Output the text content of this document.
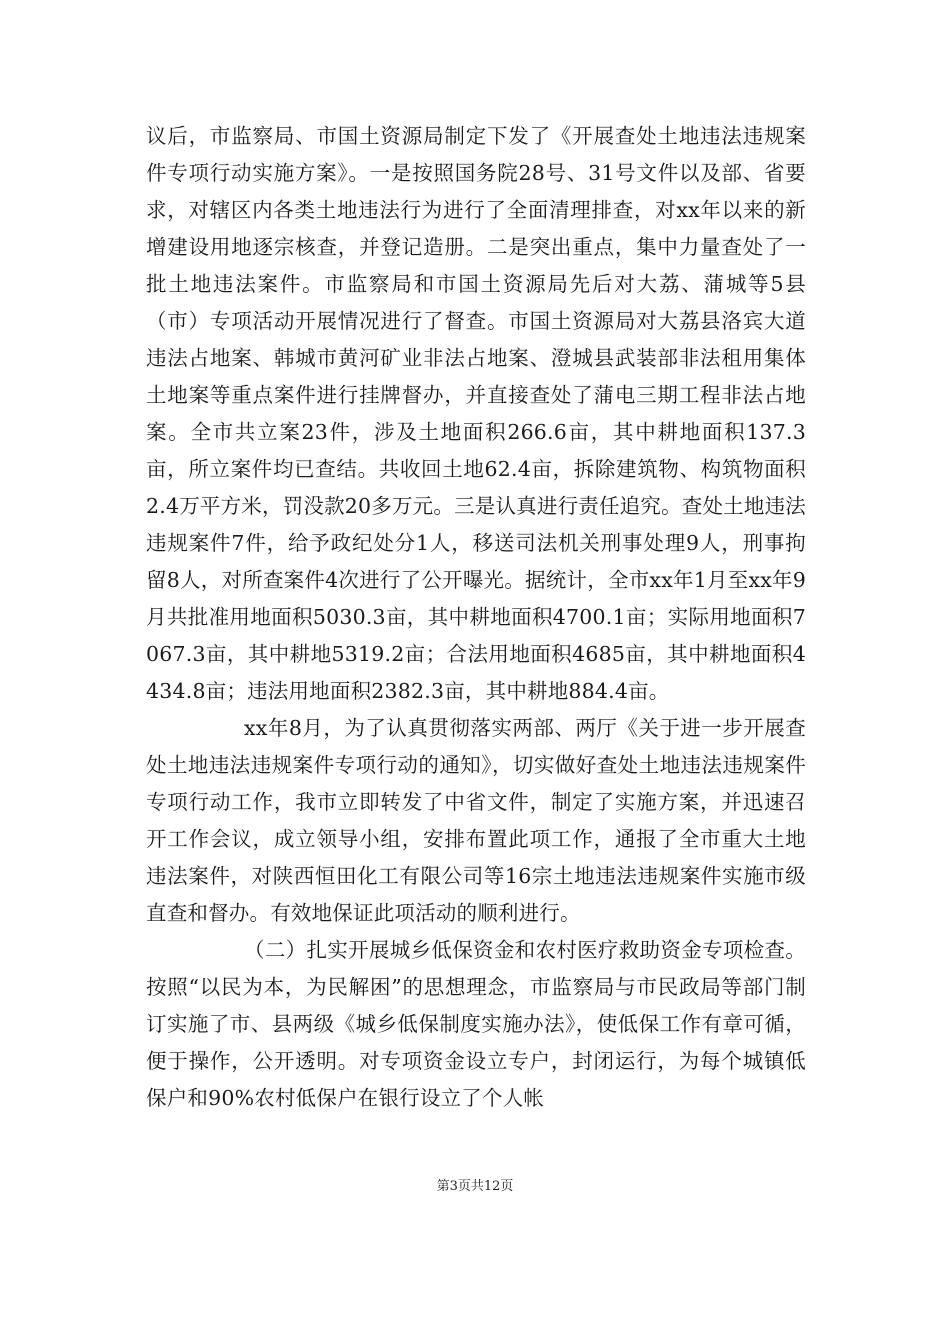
议后，市监察局、市国土资源局制定下发了《开展查处土地违法违规案件专项行动实施方案》。一是按照国务院28号、31号文件以及部、省要求，对辖区内各类土地违法行为进行了全面清理排查，对xx年以来的新增建设用地逐宗核查，并登记造册。二是突出重点，集中力量查处了一批土地违法案件。市监察局和市国土资源局先后对大荔、蒲城等5县（市）专项活动开展情况进行了督查。市国土资源局对大荔县洛宾大道违法占地案、韩城市黄河矿业非法占地案、澄城县武装部非法租用集体土地案等重点案件进行挂牌督办，并直接查处了蒲电三期工程非法占地案。全市共立案23件，涉及土地面积266.6亩，其中耕地面积137.3亩，所立案件均已查结。共收回土地62.4亩，拆除建筑物、构筑物面积2.4万平方米，罚没款20多万元。三是认真进行责任追究。查处土地违法违规案件7件，给予政纪处分1人，移送司法机关刑事处理9人，刑事拘留8人，对所查案件4次进行了公开曝光。据统计，全市xx年1月至xx年9月共批准用地面积5030.3亩，其中耕地面积4700.1亩；实际用地面积7067.3亩，其中耕地5319.2亩；合法用地面积4685亩，其中耕地面积4434.8亩；违法用地面积2382.3亩，其中耕地884.4亩。

xx年8月，为了认真贯彻落实两部、两厅《关于进一步开展查处土地违法违规案件专项行动的通知》，切实做好查处土地违法违规案件专项行动工作，我市立即转发了中省文件，制定了实施方案，并迅速召开工作会议，成立领导小组，安排布置此项工作，通报了全市重大土地违法案件，对陕西恒田化工有限公司等16宗土地违法违规案件实施市级直查和督办。有效地保证此项活动的顺利进行。

（二）扎实开展城乡低保资金和农村医疗救助资金专项检查。按照“以民为本，为民解困”的思想理念，市监察局与市民政局等部门制订实施了市、县两级《城乡低保制度实施办法》，使低保工作有章可循，便于操作，公开透明。对专项资金设立专户，封闭运行，为每个城镇低保户和90%农村低保户在银行设立了个人帐

第3页共12页
